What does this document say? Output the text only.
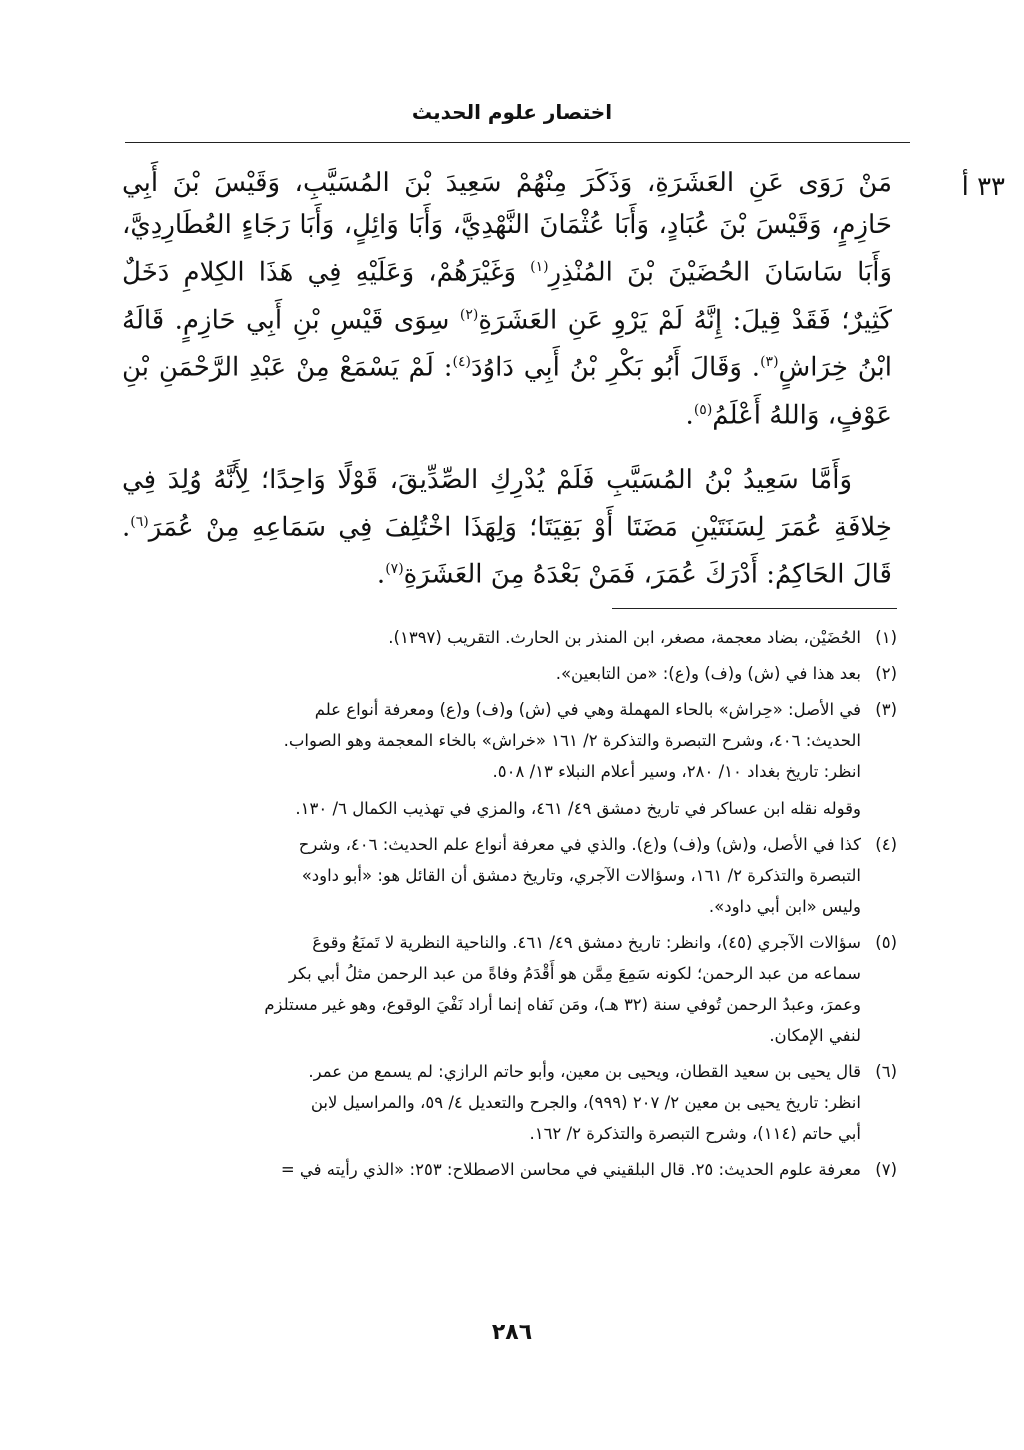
اختصار علوم الحديث
٣٣ أ

مَنْ رَوَى عَنِ العَشَرَةِ، وَذَكَرَ مِنْهُمْ سَعِيدَ بْنَ المُسَيَّبِ، وَقَيْسَ بْنَ أَبِي حَازِمٍ، وَقَيْسَ بْنَ عُبَادٍ، وَأَبَا عُثْمَانَ النَّهْدِيَّ، وَأَبَا وَائِلٍ، وَأَبَا رَجَاءٍ العُطَارِدِيَّ، وَأَبَا سَاسَانَ الحُضَيْنَ بْنَ المُنْذِرِ$^{(١)}$ وَغَيْرَهُمْ، وَعَلَيْهِ فِي هَذَا الكِلامِ دَخَلٌ كَثِيرٌ؛ فَقَدْ قِيلَ: إِنَّهُ لَمْ يَرْوِ عَنِ العَشَرَةِ$^{(٢)}$ سِوَى قَيْسِ بْنِ أَبِي حَازِمٍ. قَالَهُ ابْنُ خِرَاشٍ$^{(٣)}$. وَقَالَ أَبُو بَكْرِ بْنُ أَبِي دَاوُدَ$^{(٤)}$: لَمْ يَسْمَعْ مِنْ عَبْدِ الرَّحْمَنِ بْنِ عَوْفٍ، وَاللهُ أَعْلَمُ$^{(٥)}$.

وَأَمَّا سَعِيدُ بْنُ المُسَيَّبِ فَلَمْ يُدْرِكِ الصِّدِّيقَ، قَوْلًا وَاحِدًا؛ لِأَنَّهُ وُلِدَ فِي خِلافَةِ عُمَرَ لِسَنَتَيْنِ مَضَتَا أَوْ بَقِيَتَا؛ وَلِهَذَا اخْتُلِفَ فِي سَمَاعِهِ مِنْ عُمَرَ$^{(٦)}$. قَالَ الحَاكِمُ: أَدْرَكَ عُمَرَ، فَمَنْ بَعْدَهُ مِنَ العَشَرَةِ$^{(٧)}$.

(١)
الحُضَيْن، بضاد معجمة، مصغر، ابن المنذر بن الحارث. التقريب (١٣٩٧).
(٢)
بعد هذا في (ش) و(ف) و(ع): «من التابعين».
(٣)
في الأصل: «حِراش» بالحاء المهملة وهي في (ش) و(ف) و(ع) ومعرفة أنواع علم
الحديث: ٤٠٦، وشرح التبصرة والتذكرة ٢/ ١٦١ «خراش» بالخاء المعجمة وهو الصواب.
انظر: تاريخ بغداد ١٠/ ٢٨٠، وسير أعلام النبلاء ١٣/ ٥٠٨.
وقوله نقله ابن عساكر في تاريخ دمشق ٤٩/ ٤٦١، والمزي في تهذيب الكمال ٦/ ١٣٠.
(٤)
كذا في الأصل، و(ش) و(ف) و(ع). والذي في معرفة أنواع علم الحديث: ٤٠٦، وشرح
التبصرة والتذكرة ٢/ ١٦١، وسؤالات الآجري، وتاريخ دمشق أن القائل هو: «أبو داود»
وليس «ابن أبي داود».
(٥)
سؤالات الآجري (٤٥)، وانظر: تاريخ دمشق ٤٩/ ٤٦١. والناحية النظرية لا تَمنَعُ وقوعَ
سماعه من عبد الرحمن؛ لكونه سَمِعَ مِمَّن هو أَقْدَمُ وفاةً من عبد الرحمن مثلُ أبي بكر
وعمرَ، وعبدُ الرحمن تُوفي سنة (٣٢ هـ)، ومَن نَفاه إنما أراد نَفْيَ الوقوع، وهو غير مستلزم
لنفي الإمكان.
(٦)
قال يحيى بن سعيد القطان، ويحيى بن معين، وأبو حاتم الرازي: لم يسمع من عمر.
انظر: تاريخ يحيى بن معين ٢/ ٢٠٧ (٩٩٩)، والجرح والتعديل ٤/ ٥٩، والمراسيل لابن
أبي حاتم (١١٤)، وشرح التبصرة والتذكرة ٢/ ١٦٢.
(٧)
معرفة علوم الحديث: ٢٥. قال البلقيني في محاسن الاصطلاح: ٢٥٣: «الذي رأيته في =
٢٨٦
